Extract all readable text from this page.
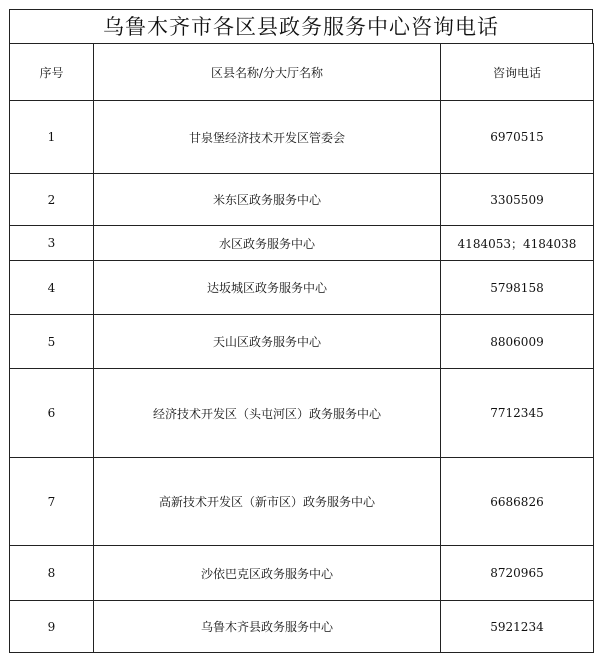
乌鲁木齐市各区县政务服务中心咨询电话
序号	区县名称/分大厅名称	咨询电话
1	甘泉堡经济技术开发区管委会	6970515
2	米东区政务服务中心	3305509
3	水区政务服务中心	4184053；4184038
4	达坂城区政务服务中心	5798158
5	天山区政务服务中心	8806009
6	经济技术开发区（头屯河区）政务服务中心	7712345
7	高新技术开发区（新市区）政务服务中心	6686826
8	沙依巴克区政务服务中心	8720965
9	乌鲁木齐县政务服务中心	5921234
